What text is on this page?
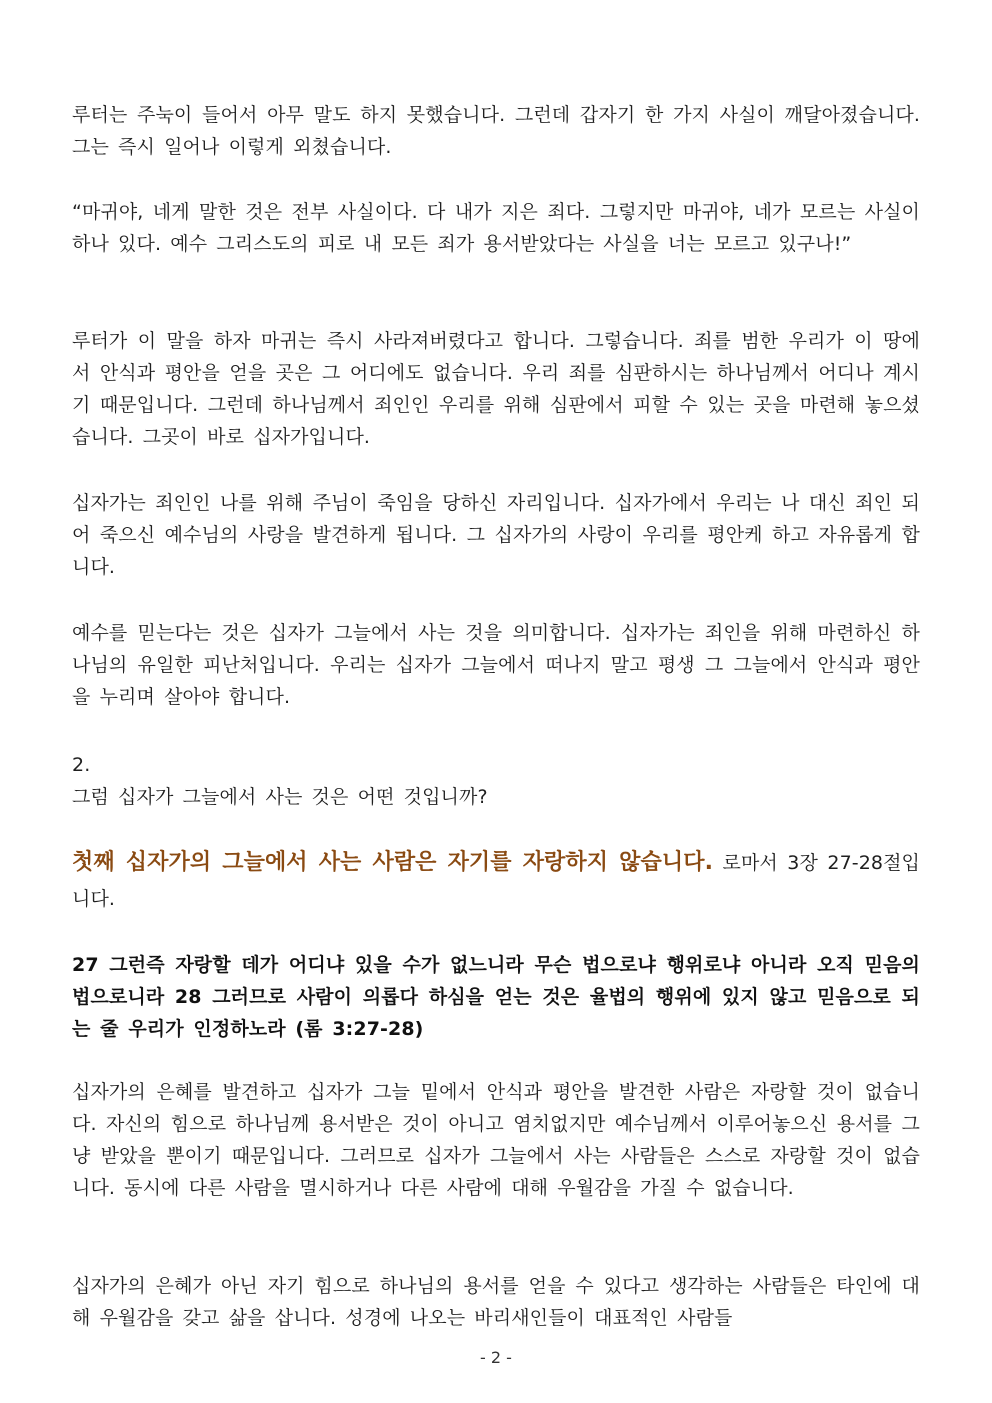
루터는 주눅이 들어서 아무 말도 하지 못했습니다. 그런데 갑자기 한 가지 사실이 깨달아졌습니다. 그는 즉시 일어나 이렇게 외쳤습니다.

“마귀야, 네게 말한 것은 전부 사실이다. 다 내가 지은 죄다. 그렇지만 마귀야, 네가 모르는 사실이 하나 있다. 예수 그리스도의 피로 내 모든 죄가 용서받았다는 사실을 너는 모르고 있구나!”

루터가 이 말을 하자 마귀는 즉시 사라져버렸다고 합니다. 그렇습니다. 죄를 범한 우리가 이 땅에서 안식과 평안을 얻을 곳은 그 어디에도 없습니다. 우리 죄를 심판하시는 하나님께서 어디나 계시기 때문입니다. 그런데 하나님께서 죄인인 우리를 위해 심판에서 피할 수 있는 곳을 마련해 놓으셨습니다. 그곳이 바로 십자가입니다.

십자가는 죄인인 나를 위해 주님이 죽임을 당하신 자리입니다. 십자가에서 우리는 나 대신 죄인 되어 죽으신 예수님의 사랑을 발견하게 됩니다. 그 십자가의 사랑이 우리를 평안케 하고 자유롭게 합니다.

예수를 믿는다는 것은 십자가 그늘에서 사는 것을 의미합니다. 십자가는 죄인을 위해 마련하신 하나님의 유일한 피난처입니다. 우리는 십자가 그늘에서 떠나지 말고 평생 그 그늘에서 안식과 평안을 누리며 살아야 합니다.

2.

그럼 십자가 그늘에서 사는 것은 어떤 것입니까?

첫째 십자가의 그늘에서 사는 사람은 자기를 자랑하지 않습니다. 로마서 3장 27-28절입니다.

27 그런즉 자랑할 데가 어디냐 있을 수가 없느니라 무슨 법으로냐 행위로냐 아니라 오직 믿음의 법으로니라 28 그러므로 사람이 의롭다 하심을 얻는 것은 율법의 행위에 있지 않고 믿음으로 되는 줄 우리가 인정하노라 (롬 3:27-28)

십자가의 은혜를 발견하고 십자가 그늘 밑에서 안식과 평안을 발견한 사람은 자랑할 것이 없습니다. 자신의 힘으로 하나님께 용서받은 것이 아니고 염치없지만 예수님께서 이루어놓으신 용서를 그냥 받았을 뿐이기 때문입니다. 그러므로 십자가 그늘에서 사는 사람들은 스스로 자랑할 것이 없습니다. 동시에 다른 사람을 멸시하거나 다른 사람에 대해 우월감을 가질 수 없습니다.

십자가의 은혜가 아닌 자기 힘으로 하나님의 용서를 얻을 수 있다고 생각하는 사람들은 타인에 대해 우월감을 갖고 삶을 삽니다. 성경에 나오는 바리새인들이 대표적인 사람들

- 2 -
